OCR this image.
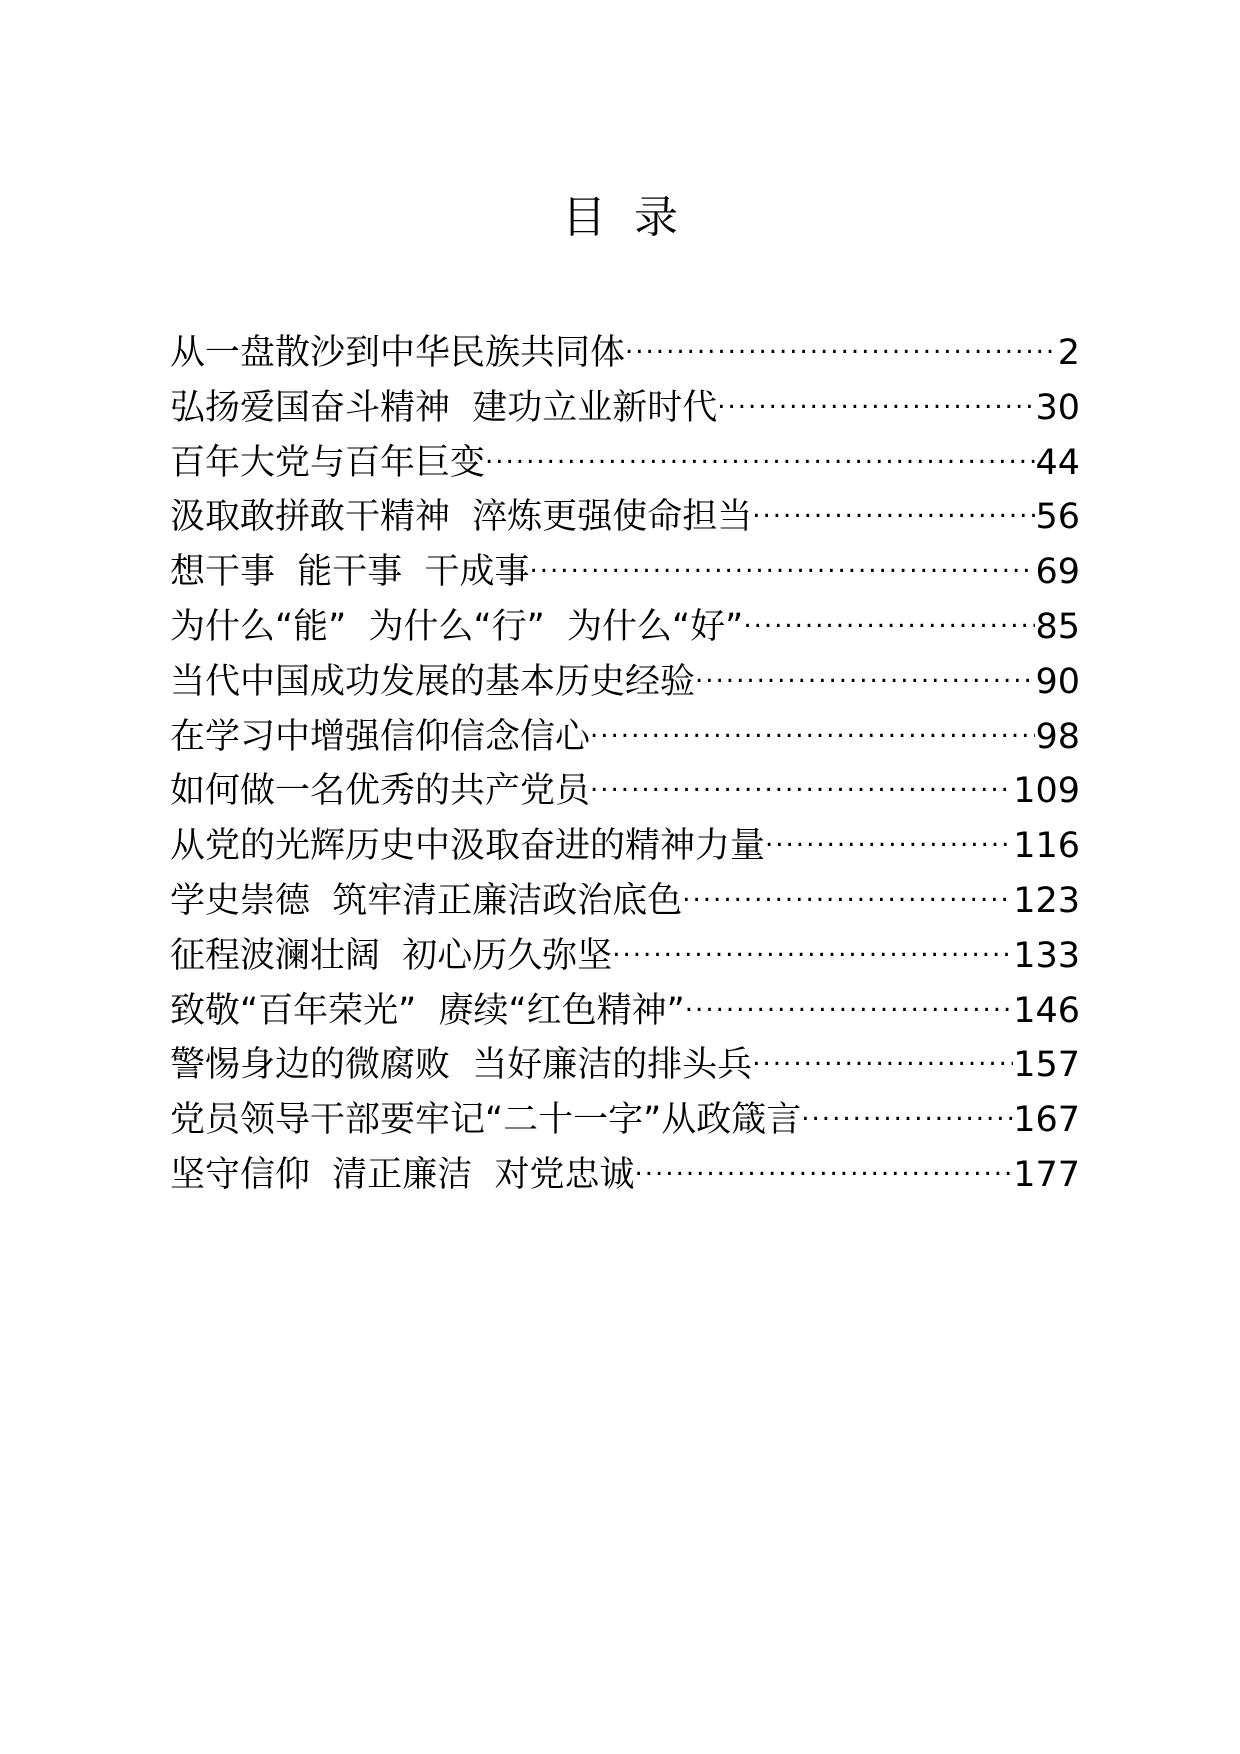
目  录
从一盘散沙到中华民族共同体 .....	2
弘扬爱国奋斗精神  建功立业新时代 .....	30
百年大党与百年巨变 .....	44
汲取敢拼敢干精神  淬炼更强使命担当 .....	56
想干事  能干事  干成事 .....	69
为什么“能”  为什么“行”  为什么“好” .....	85
当代中国成功发展的基本历史经验 .....	90
在学习中增强信仰信念信心 .....	98
如何做一名优秀的共产党员 .....	109
从党的光辉历史中汲取奋进的精神力量 .....	116
学史崇德  筑牢清正廉洁政治底色 .....	123
征程波澜壮阔  初心历久弥坚 .....	133
致敬“百年荣光”  赓续“红色精神” .....	146
警惕身边的微腐败  当好廉洁的排头兵 .....	157
党员领导干部要牢记“二十一字”从政箴言 .....	167
坚守信仰  清正廉洁  对党忠诚 .....	177
